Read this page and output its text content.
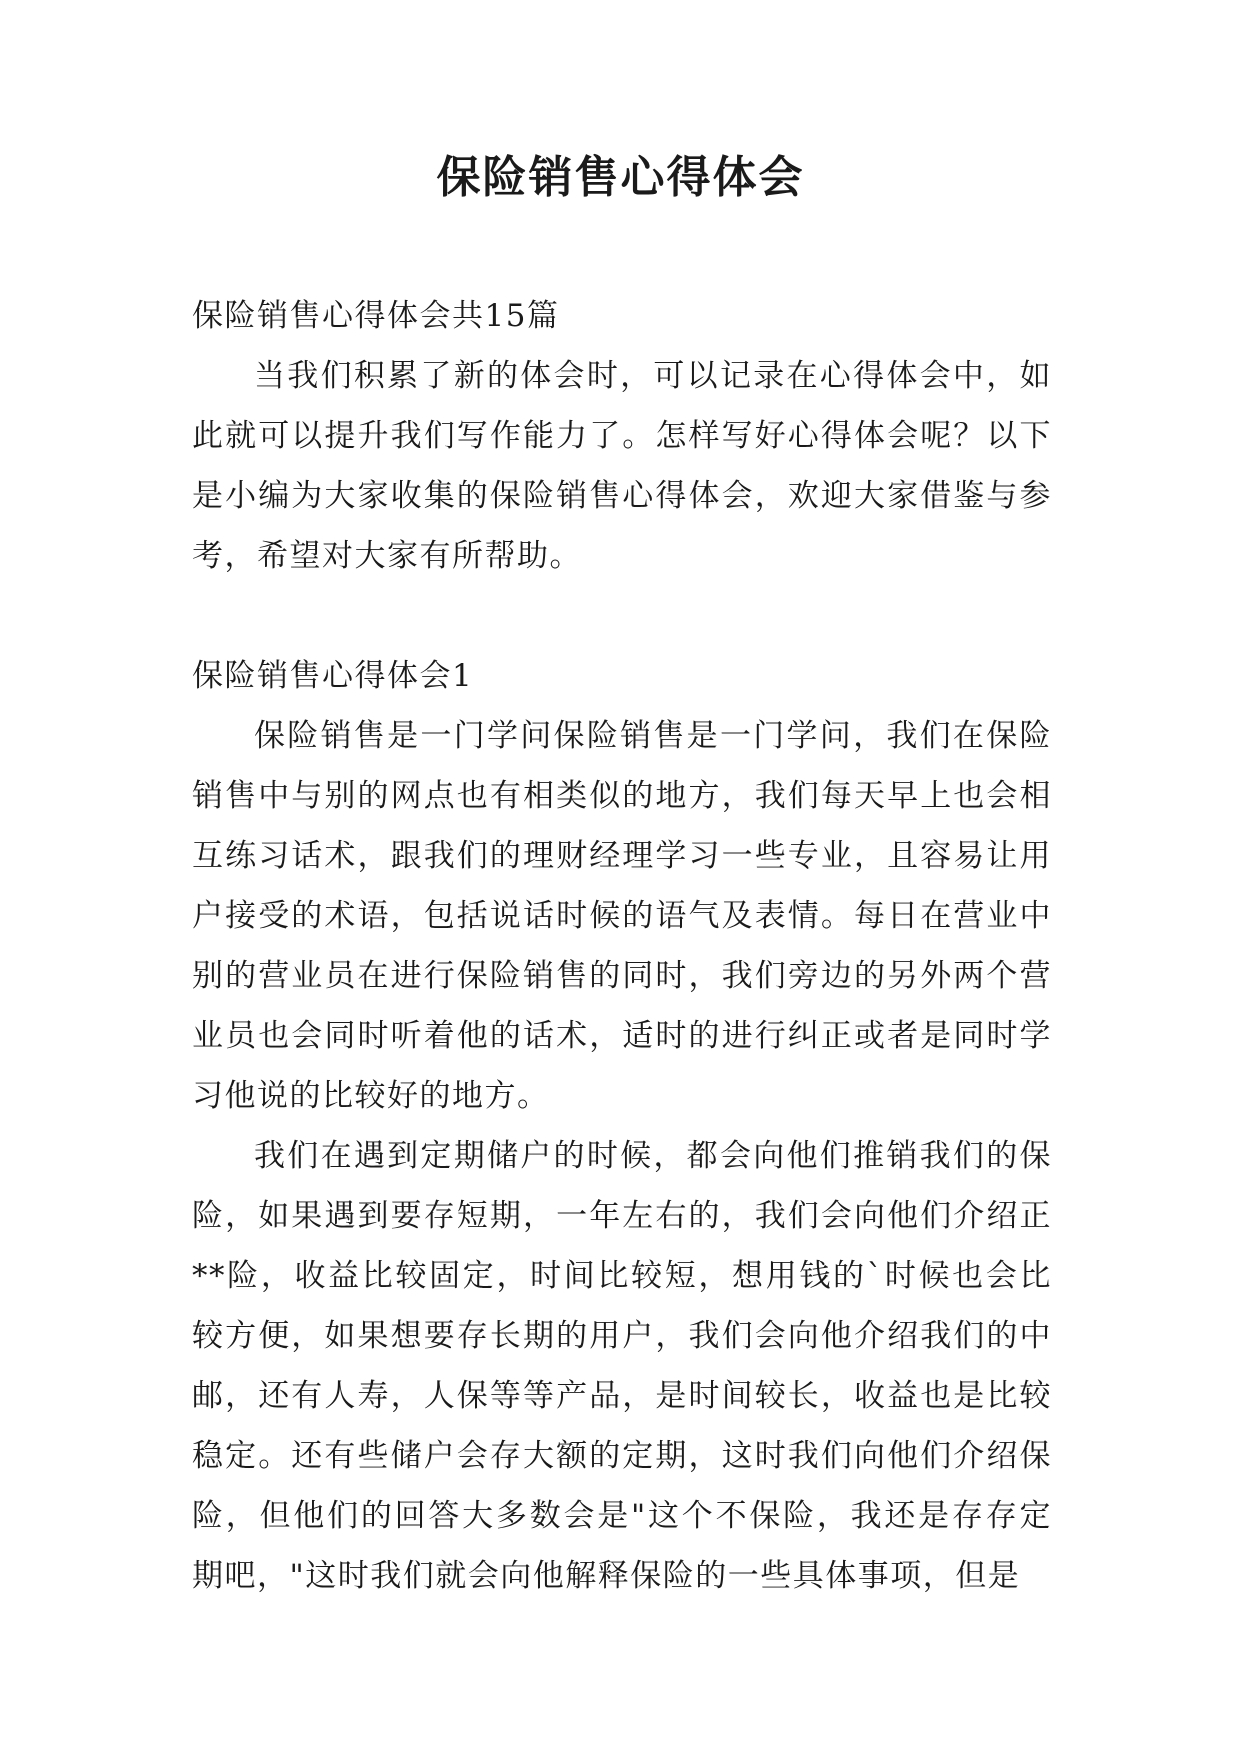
保险销售心得体会

保险销售心得体会共15篇

当我们积累了新的体会时，可以记录在心得体会中，如此就可以提升我们写作能力了。怎样写好心得体会呢？以下是小编为大家收集的保险销售心得体会，欢迎大家借鉴与参考，希望对大家有所帮助。

保险销售心得体会1

保险销售是一门学问保险销售是一门学问，我们在保险销售中与别的网点也有相类似的地方，我们每天早上也会相互练习话术，跟我们的理财经理学习一些专业，且容易让用户接受的术语，包括说话时候的语气及表情。每日在营业中别的营业员在进行保险销售的同时，我们旁边的另外两个营业员也会同时听着他的话术，适时的进行纠正或者是同时学习他说的比较好的地方。

我们在遇到定期储户的时候，都会向他们推销我们的保险，如果遇到要存短期，一年左右的，我们会向他们介绍正**险，收益比较固定，时间比较短，想用钱的`时候也会比较方便，如果想要存长期的用户，我们会向他介绍我们的中邮，还有人寿，人保等等产品，是时间较长，收益也是比较稳定。还有些储户会存大额的定期，这时我们向他们介绍保险，但他们的回答大多数会是"这个不保险，我还是存存定期吧，"这时我们就会向他解释保险的一些具体事项，但是
